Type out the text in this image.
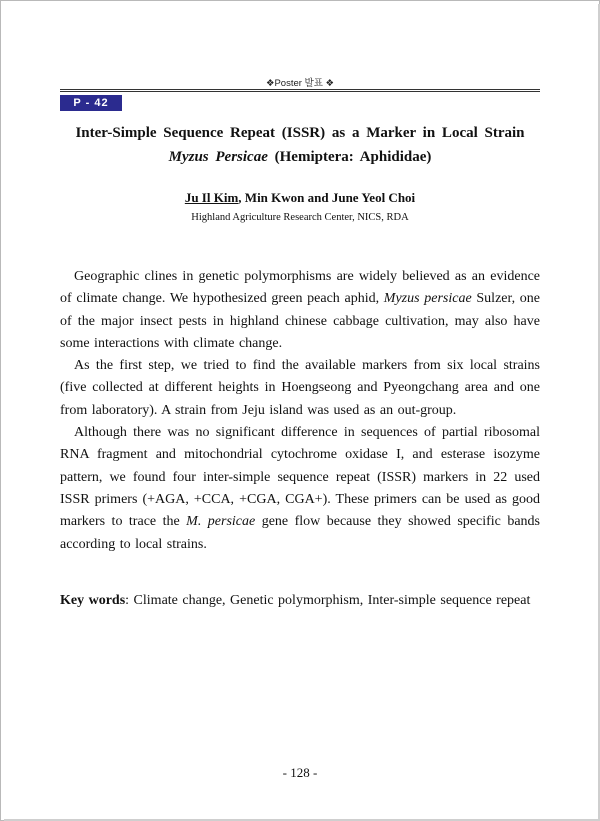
❖Poster 발표 ❖
P - 42
Inter-Simple Sequence Repeat (ISSR) as a Marker in Local Strain
Myzus Persicae (Hemiptera: Aphididae)
Ju Il Kim, Min Kwon and June Yeol Choi
Highland Agriculture Research Center, NICS, RDA

Geographic clines in genetic polymorphisms are widely believed as an evidence of climate change. We hypothesized green peach aphid, Myzus persicae Sulzer, one of the major insect pests in highland chinese cabbage cultivation, may also have some interactions with climate change.

As the first step, we tried to find the available markers from six local strains (five collected at different heights in Hoengseong and Pyeongchang area and one from laboratory). A strain from Jeju island was used as an out-group.

Although there was no significant difference in sequences of partial ribosomal RNA fragment and mitochondrial cytochrome oxidase I, and esterase isozyme pattern, we found four inter-simple sequence repeat (ISSR) markers in 22 used ISSR primers (+AGA, +CCA, +CGA, CGA+). These primers can be used as good markers to trace the M. persicae gene flow because they showed specific bands according to local strains.

Key words: Climate change, Genetic polymorphism, Inter-simple sequence repeat
- 128 -
